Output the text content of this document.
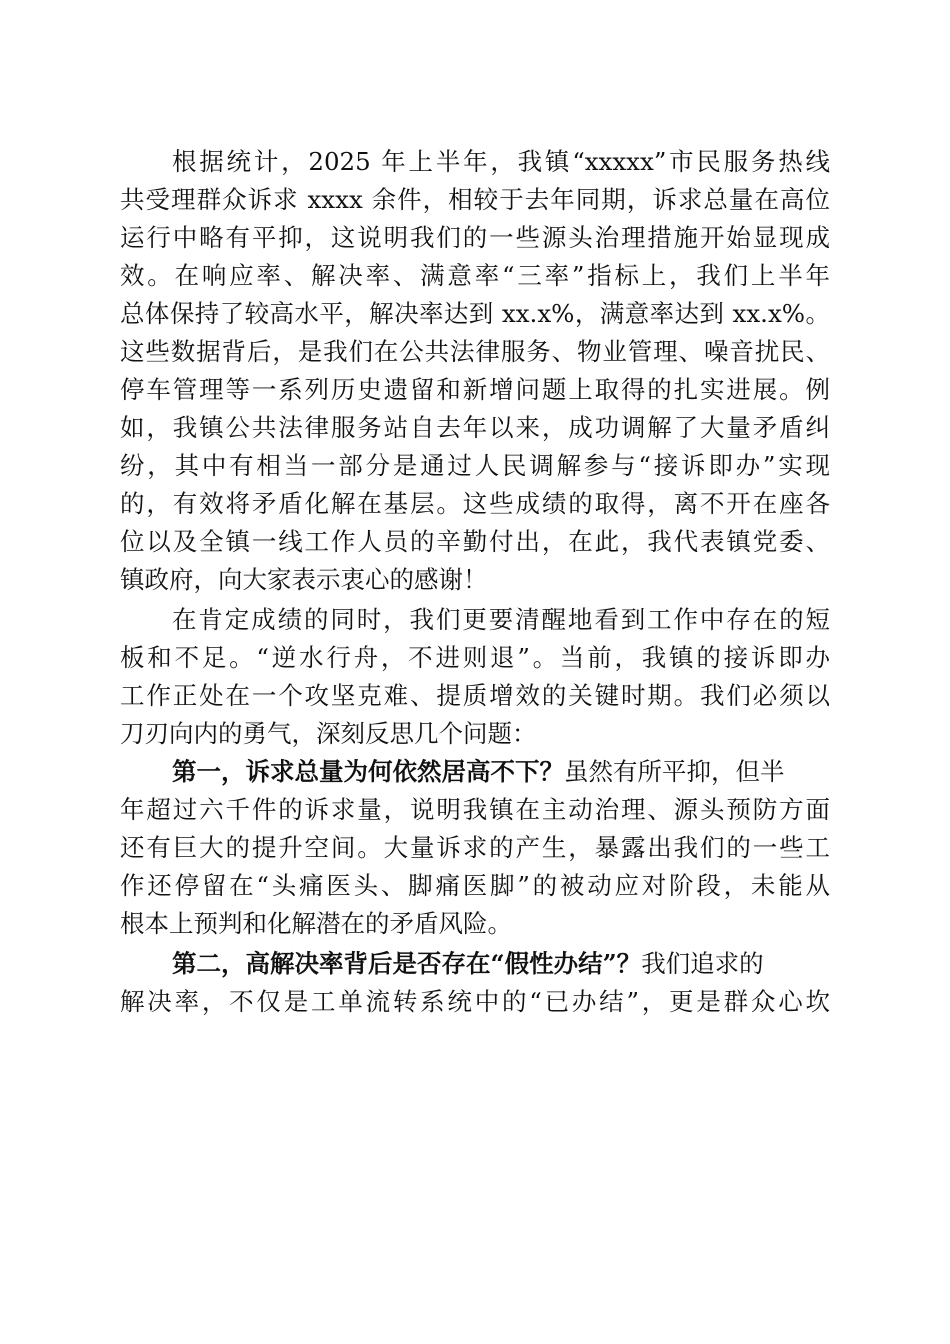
根据统计，2025 年上半年，我镇“xxxxx”市民服务热线
共受理群众诉求 xxxx 余件，相较于去年同期，诉求总量在高位
运行中略有平抑，这说明我们的一些源头治理措施开始显现成
效。在响应率、解决率、满意率“三率”指标上，我们上半年
总体保持了较高水平，解决率达到 xx.x%，满意率达到 xx.x%。
这些数据背后，是我们在公共法律服务、物业管理、噪音扰民、
停车管理等一系列历史遗留和新增问题上取得的扎实进展。例
如，我镇公共法律服务站自去年以来，成功调解了大量矛盾纠
纷，其中有相当一部分是通过人民调解参与“接诉即办”实现
的，有效将矛盾化解在基层。这些成绩的取得，离不开在座各
位以及全镇一线工作人员的辛勤付出，在此，我代表镇党委、
镇政府，向大家表示衷心的感谢！
在肯定成绩的同时，我们更要清醒地看到工作中存在的短
板和不足。“逆水行舟，不进则退”。当前，我镇的接诉即办
工作正处在一个攻坚克难、提质增效的关键时期。我们必须以
刀刃向内的勇气，深刻反思几个问题：
第一，诉求总量为何依然居高不下？虽然有所平抑，但半
年超过六千件的诉求量，说明我镇在主动治理、源头预防方面
还有巨大的提升空间。大量诉求的产生，暴露出我们的一些工
作还停留在“头痛医头、脚痛医脚”的被动应对阶段，未能从
根本上预判和化解潜在的矛盾风险。
第二，高解决率背后是否存在“假性办结”？我们追求的
解决率，不仅是工单流转系统中的“已办结”，更是群众心坎
